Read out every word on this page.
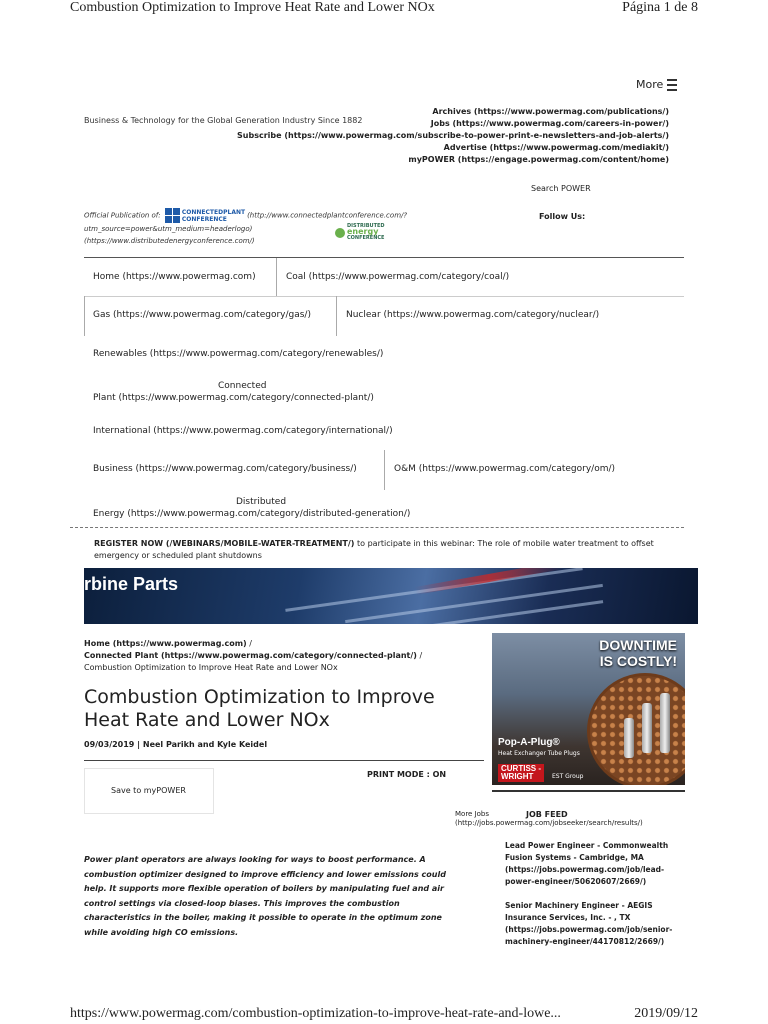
Combustion Optimization to Improve Heat Rate and Lower NOx	Página 1 de 8
More
Business & Technology for the Global Generation Industry Since 1882
Archives (https://www.powermag.com/publications/)
Jobs (https://www.powermag.com/careers-in-power/)
Subscribe (https://www.powermag.com/subscribe-to-power-print-e-newsletters-and-job-alerts/)
Advertise (https://www.powermag.com/mediakit/)
myPOWER (https://engage.powermag.com/content/home)
Search POWER
Official Publication of:	CONNECTEDPLANT
CONFERENCE	(http://www.connectedplantconference.com/?utm_source=power&utm_medium=headerlogo)
(https://www.distributedenergyconference.com/)
DISTRIBUTED
energy
CONFERENCE
Follow Us:
Home (https://www.powermag.com)	Coal (https://www.powermag.com/category/coal/)
Gas (https://www.powermag.com/category/gas/)	Nuclear (https://www.powermag.com/category/nuclear/)
Renewables (https://www.powermag.com/category/renewables/)
Connected
Plant (https://www.powermag.com/category/connected-plant/)
International (https://www.powermag.com/category/international/)
Business (https://www.powermag.com/category/business/)	O&M (https://www.powermag.com/category/om/)
Distributed
Energy (https://www.powermag.com/category/distributed-generation/)
REGISTER NOW (/WEBINARS/MOBILE-WATER-TREATMENT/) to participate in this webinar: The role of mobile water treatment to offset emergency or scheduled plant shutdowns
rbine Parts
Home (https://www.powermag.com) /
Connected Plant (https://www.powermag.com/category/connected-plant/) /
Combustion Optimization to Improve Heat Rate and Lower NOx
Combustion Optimization to Improve Heat Rate and Lower NOx
09/03/2019 | Neel Parikh and Kyle Keidel
Save to myPOWER
PRINT MODE : ON
Power plant operators are always looking for ways to boost performance. A combustion optimizer designed to improve efficiency and lower emissions could help. It supports more flexible operation of boilers by manipulating fuel and air control settings via closed-loop biases. This improves the combustion characteristics in the boiler, making it possible to operate in the optimum zone while avoiding high CO emissions.
DOWNTIME
IS COSTLY!
Pop-A-Plug®
Heat Exchanger Tube Plugs
CURTISS -
WRIGHT	EST Group
More Jobs
(http://jobs.powermag.com/jobseeker/search/results/)
JOB FEED
Lead Power Engineer - Commonwealth Fusion Systems - Cambridge, MA (https://jobs.powermag.com/job/lead-power-engineer/50620607/2669/)
Senior Machinery Engineer - AEGIS Insurance Services, Inc. - , TX (https://jobs.powermag.com/job/senior-machinery-engineer/44170812/2669/)
https://www.powermag.com/combustion-optimization-to-improve-heat-rate-and-lowe...	2019/09/12
